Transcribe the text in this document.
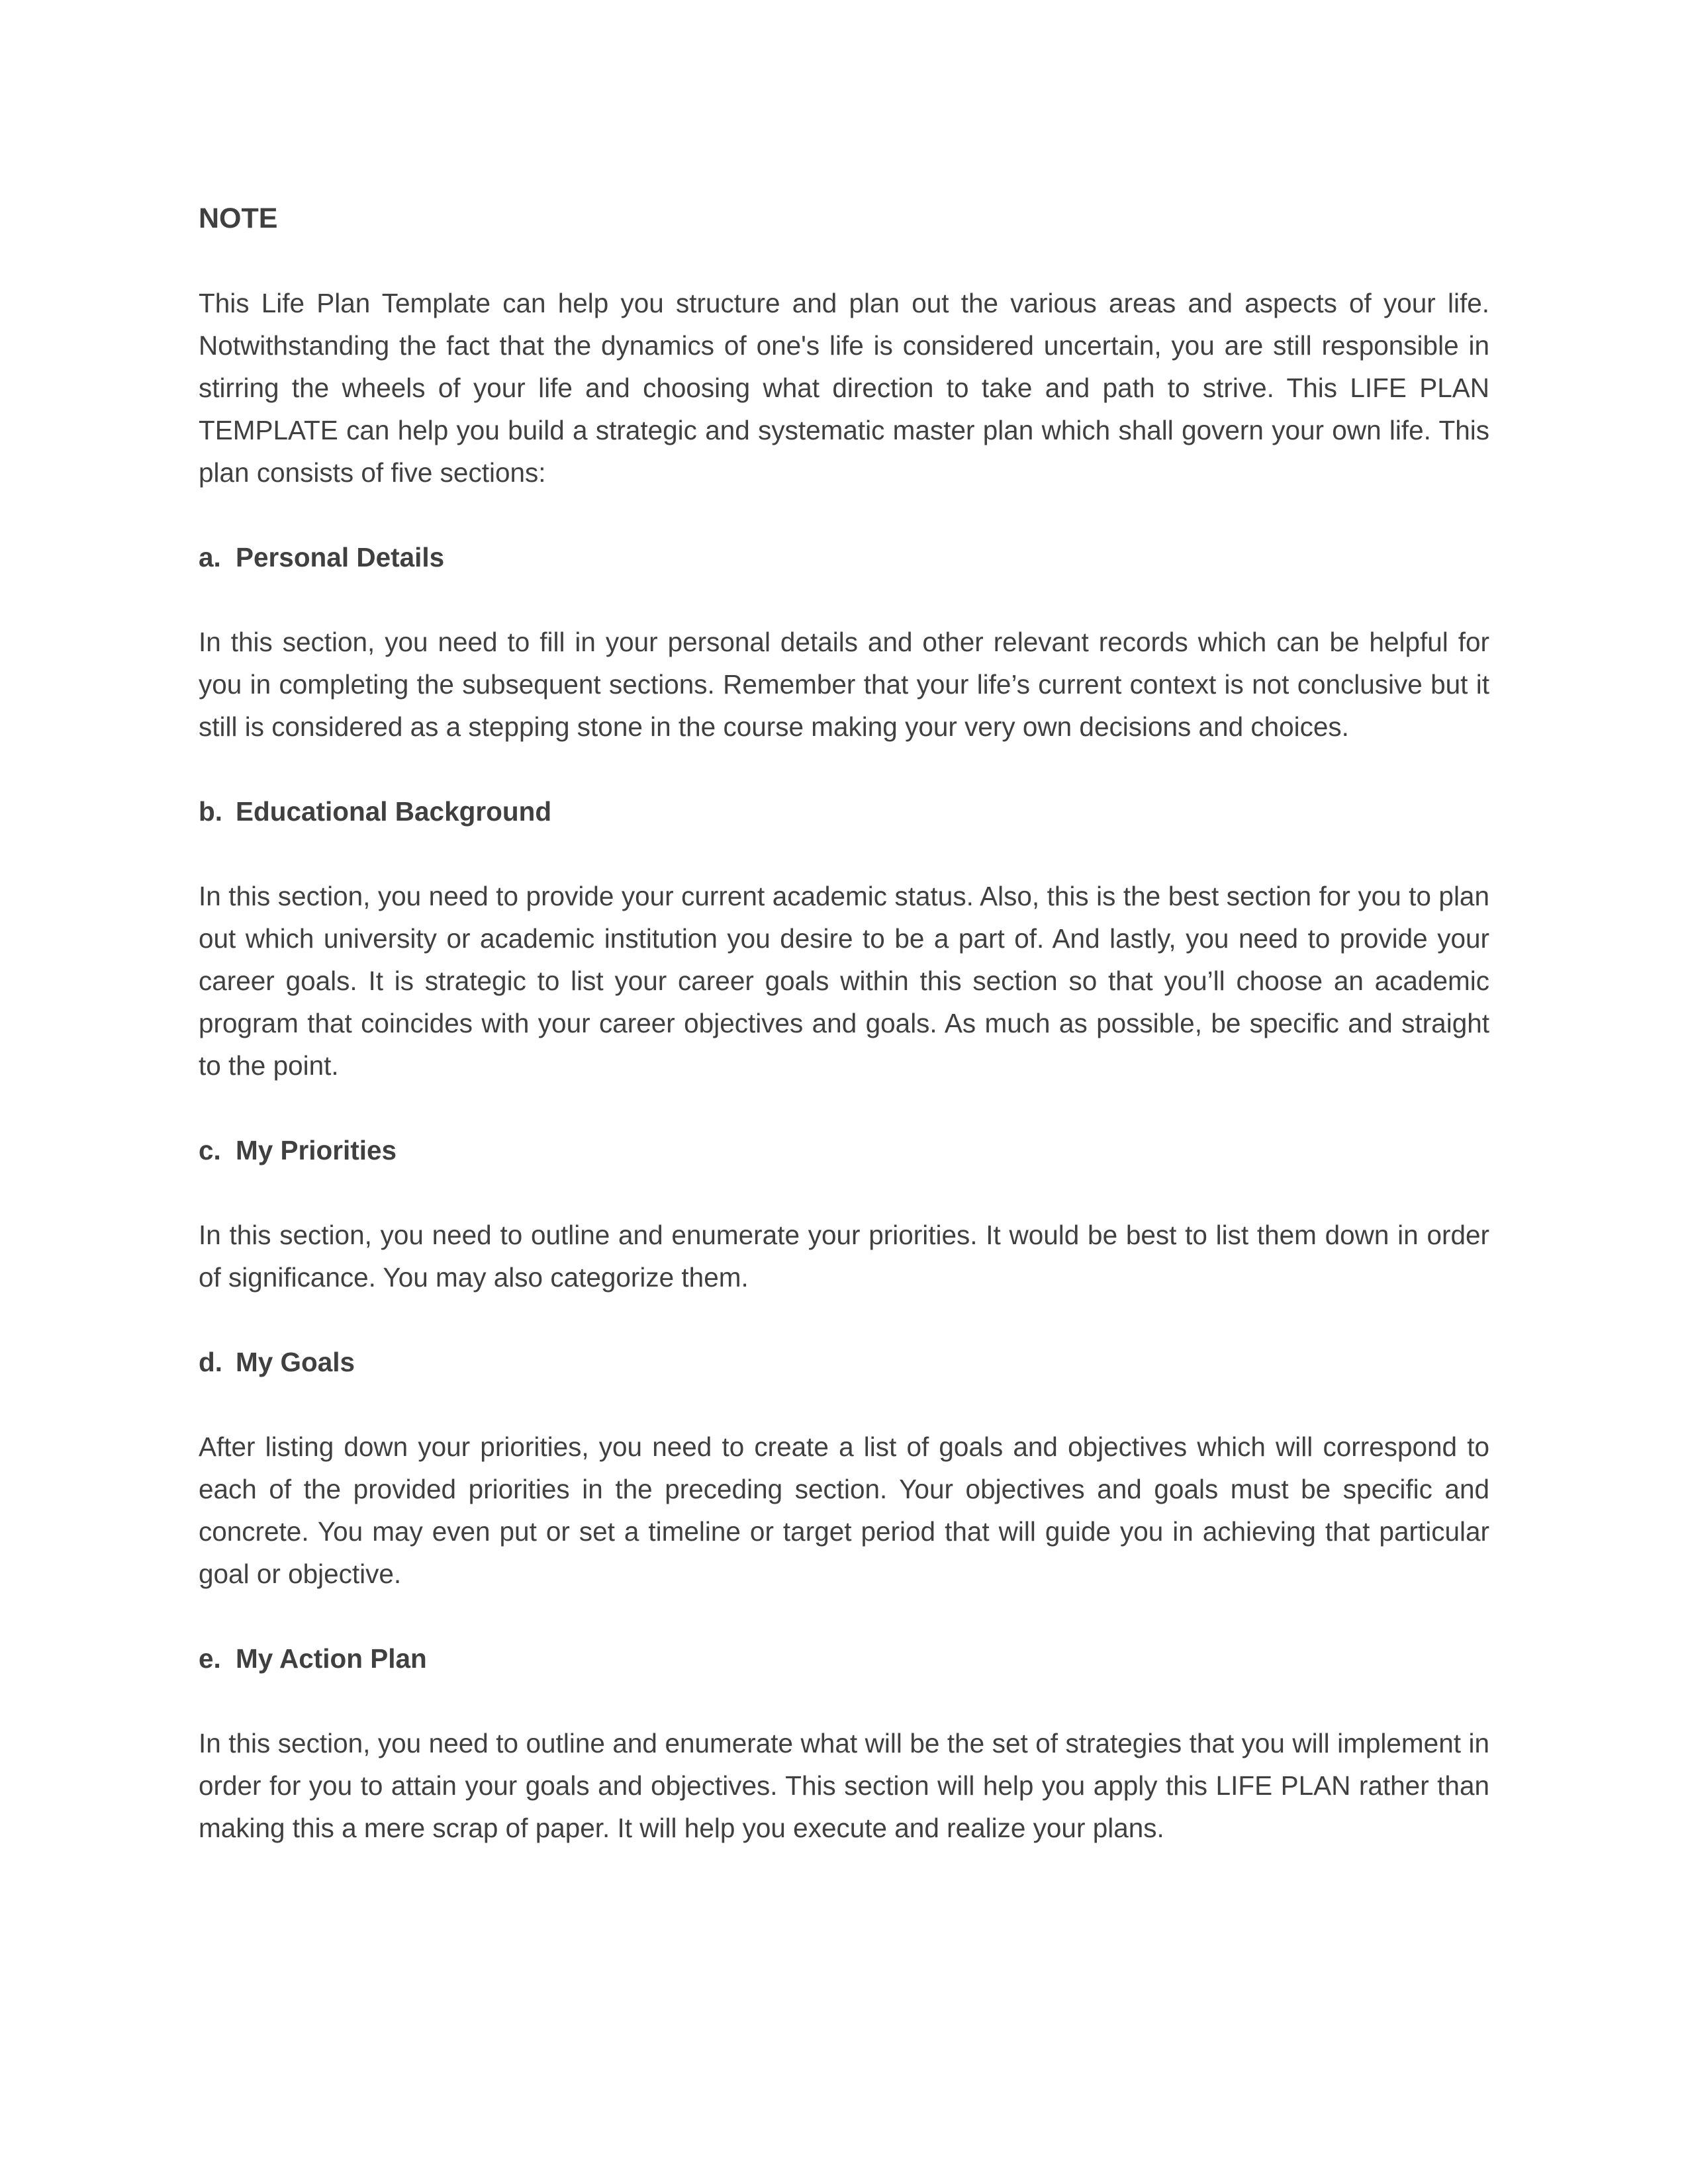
NOTE
This Life Plan Template can help you structure and plan out the various areas and aspects of your life. Notwithstanding the fact that the dynamics of one's life is considered uncertain, you are still responsible in stirring the wheels of your life and choosing what direction to take and path to strive. This LIFE PLAN TEMPLATE can help you build a strategic and systematic master plan which shall govern your own life. This plan consists of five sections:
a. Personal Details
In this section, you need to fill in your personal details and other relevant records which can be helpful for you in completing the subsequent sections. Remember that your life’s current context is not conclusive but it still is considered as a stepping stone in the course making your very own decisions and choices.
b. Educational Background
In this section, you need to provide your current academic status. Also, this is the best section for you to plan out which university or academic institution you desire to be a part of. And lastly, you need to provide your career goals. It is strategic to list your career goals within this section so that you’ll choose an academic program that coincides with your career objectives and goals. As much as possible, be specific and straight to the point.
c. My Priorities
In this section, you need to outline and enumerate your priorities. It would be best to list them down in order of significance. You may also categorize them.
d. My Goals
After listing down your priorities, you need to create a list of goals and objectives which will correspond to each of the provided priorities in the preceding section. Your objectives and goals must be specific and concrete. You may even put or set a timeline or target period that will guide you in achieving that particular goal or objective.
e. My Action Plan
In this section, you need to outline and enumerate what will be the set of strategies that you will implement in order for you to attain your goals and objectives. This section will help you apply this LIFE PLAN rather than making this a mere scrap of paper. It will help you execute and realize your plans.
